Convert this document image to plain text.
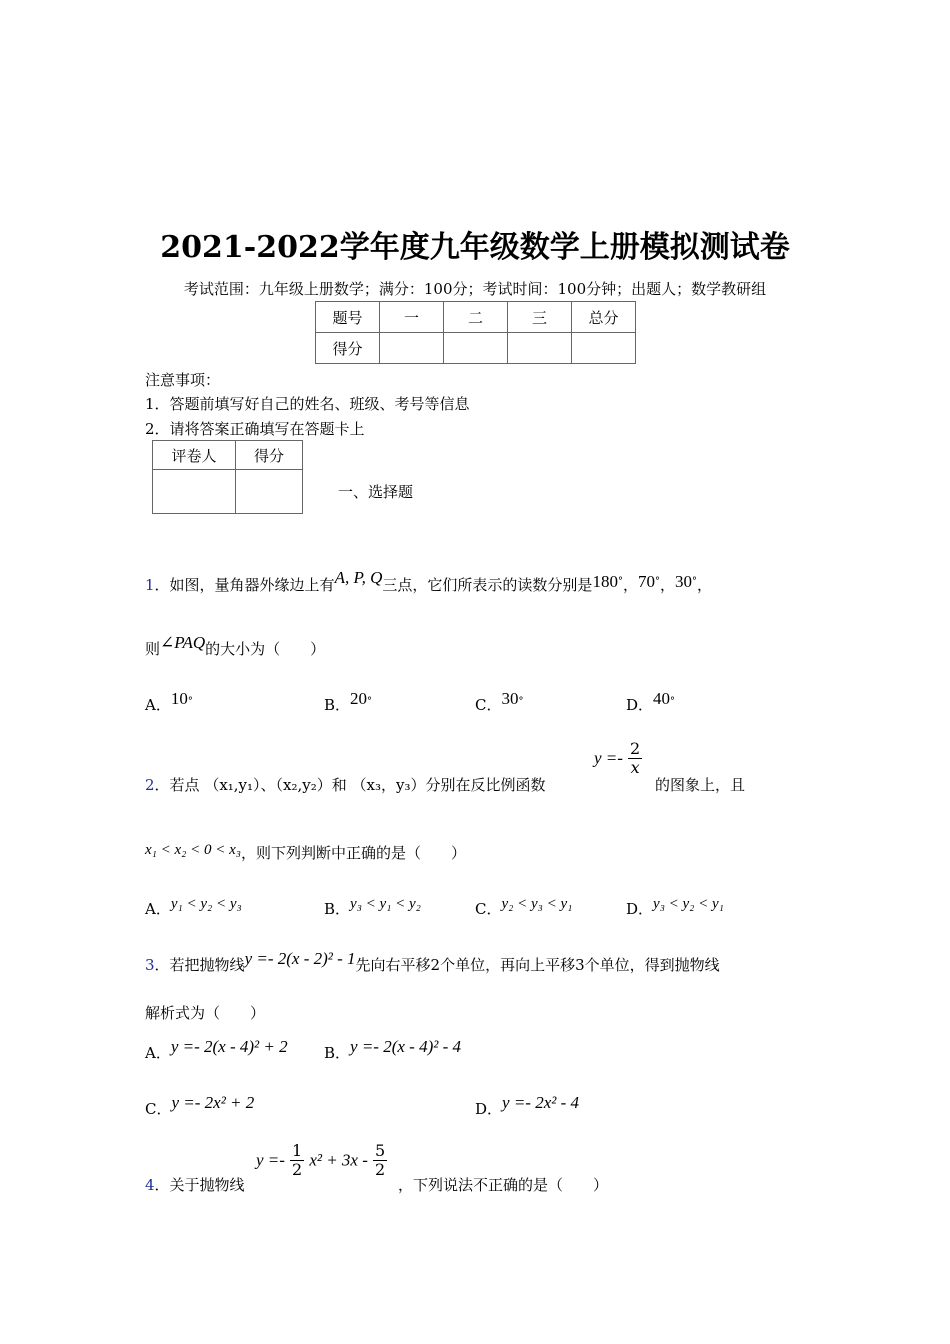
2021-2022学年度九年级数学上册模拟测试卷
考试范围：九年级上册数学；满分：100分；考试时间：100分钟；出题人；数学教研组
题号	一	二	三	总分
得分				
注意事项：
1．答题前填写好自己的姓名、班级、考号等信息
2．请将答案正确填写在答题卡上
评卷人	得分

一、选择题
1．如图，量角器外缘边上有A, P, Q三点，它们所表示的读数分别是180°，70°，30°，
则∠PAQ的大小为（　　）
A．10°	B．20°	C．30°	D．40°
2．若点 （x₁,y₁）、（x₂,y₂）和 （x₃，y₃）分别在反比例函数
$y =- \frac{2}{x}$
的图象上，且
x₁ < x₂ < 0 < x₃，则下列判断中正确的是（　　）
A．y₁ < y₂ < y₃	B．y₃ < y₁ < y₂	C．y₂ < y₃ < y₁	D．y₃ < y₂ < y₁
3．若把抛物线y =- 2(x - 2)² - 1先向右平移2个单位，再向上平移3个单位，得到抛物线
解析式为（　　）
A．y =- 2(x - 4)² + 2 B．y =- 2(x - 4)² - 4
C．y =- 2x² + 2	D．y =- 2x² - 4
4．关于抛物线
$y =- \frac{1}{2} x^2 + 3x - \frac{5}{2}$
，下列说法不正确的是（　　）
